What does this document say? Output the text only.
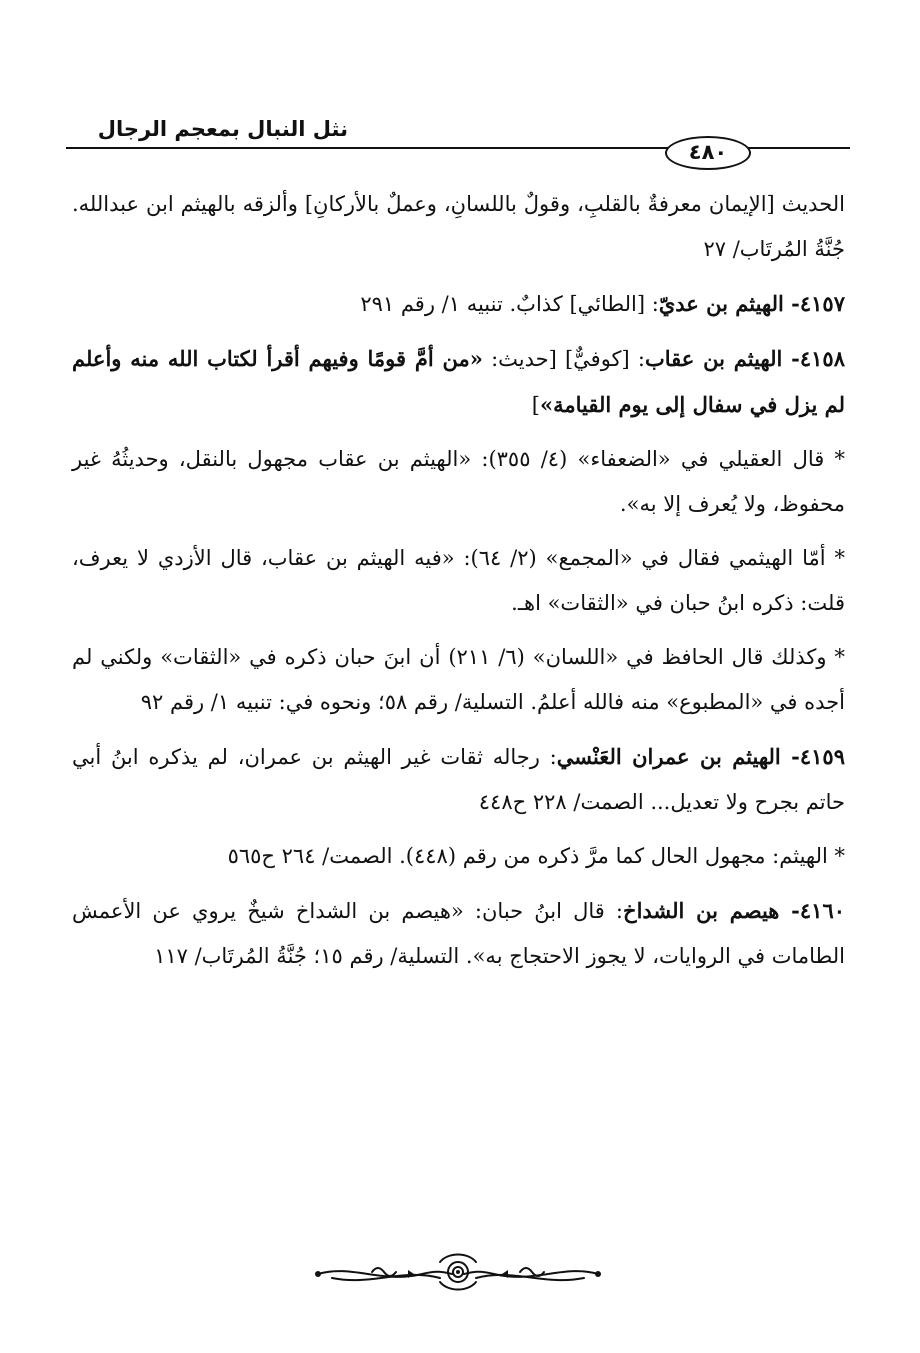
نثل النبال بمعجم الرجال
٤٨٠

الحديث [الإيمان معرفةٌ بالقلبِ، وقولٌ باللسانِ، وعملٌ بالأركانِ] وألزقه بالهيثم ابن عبدالله. جُنَّةُ المُرتَاب/ ٢٧

٤١٥٧- الهيثم بن عديّ: [الطائي] كذابٌ. تنبيه ١/ رقم ٢٩١

٤١٥٨- الهيثم بن عقاب: [كوفيٌّ] [حديث: «من أمَّ قومًا وفيهم أقرأ لكتاب الله منه وأعلم لم يزل في سفال إلى يوم القيامة»]

* قال العقيلي في «الضعفاء» (٤/ ٣٥٥): «الهيثم بن عقاب مجهول بالنقل، وحديثُهُ غير محفوظ، ولا يُعرف إلا به».

* أمّا الهيثمي فقال في «المجمع» (٢/ ٦٤): «فيه الهيثم بن عقاب، قال الأزدي لا يعرف، قلت: ذكره ابنُ حبان في «الثقات» اهـ.

* وكذلك قال الحافظ في «اللسان» (٦/ ٢١١) أن ابنَ حبان ذكره في «الثقات» ولكني لم أجده في «المطبوع» منه فالله أعلمُ. التسلية/ رقم ٥٨؛ ونحوه في: تنبيه ١/ رقم ٩٢

٤١٥٩- الهيثم بن عمران العَنْسي: رجاله ثقات غير الهيثم بن عمران، لم يذكره ابنُ أبي حاتم بجرح ولا تعديل... الصمت/ ٢٢٨ ح٤٤٨

* الهيثم: مجهول الحال كما مرَّ ذكره من رقم (٤٤٨). الصمت/ ٢٦٤ ح٥٦٥

٤١٦٠- هيصم بن الشداخ: قال ابنُ حبان: «هيصم بن الشداخ شيخٌ يروي عن الأعمش الطامات في الروايات، لا يجوز الاحتجاج به». التسلية/ رقم ١٥؛ جُنَّةُ المُرتَاب/ ١١٧
